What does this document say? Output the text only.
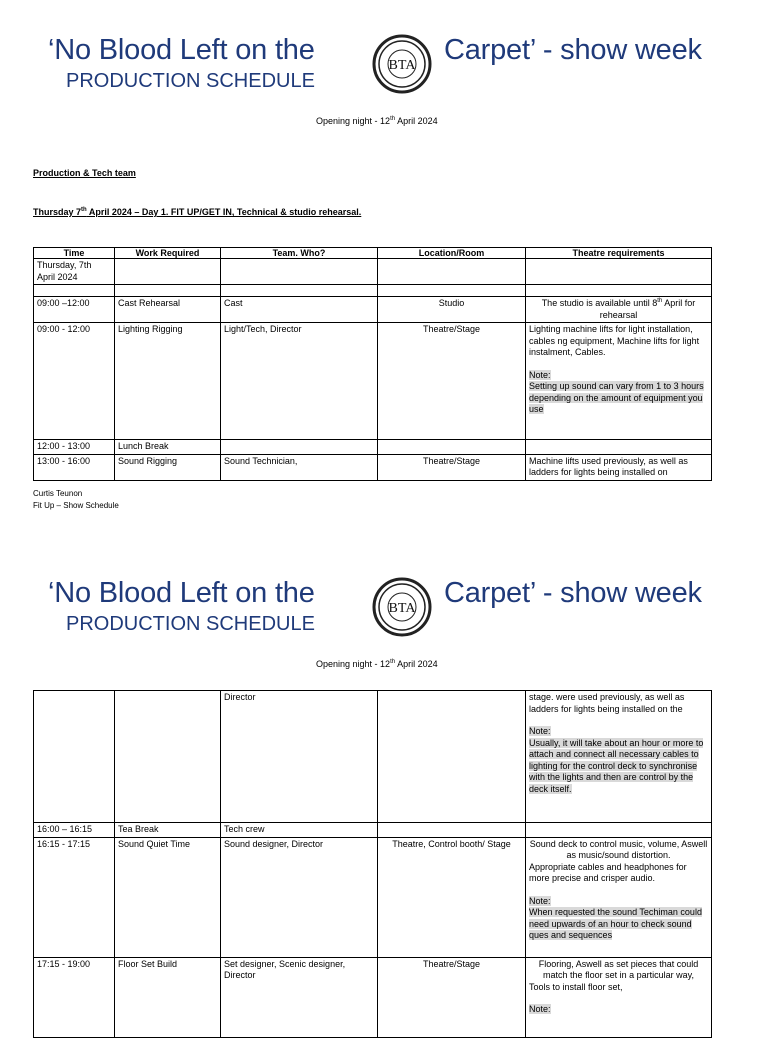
‘No Blood Left on the	Carpet’ - show week
PRODUCTION SCHEDULE
BTA
Opening night - 12th April 2024
Production & Tech team
Thursday 7th April 2024 – Day 1. FIT UP/GET IN, Technical & studio rehearsal.
Time	Work Required	Team. Who?	Location/Room	Theatre requirements
Thursday, 7th April 2024				

09:00 –12:00	Cast Rehearsal	Cast	Studio	The studio is available until 8th April for rehearsal
09:00 - 12:00	Lighting Rigging	Light/Tech, Director	Theatre/Stage	Lighting machine lifts for light installation, cables ng equipment, Machine lifts for light instalment, Cables.
Note:
Setting up sound can vary from 1 to 3 hours depending on the amount of equipment you use

12:00 - 13:00	Lunch Break			
13:00 - 16:00	Sound Rigging	Sound Technician,	Theatre/Stage	Machine lifts used previously, as well as ladders for lights being installed on
Curtis Teunon
Fit Up – Show Schedule
‘No Blood Left on the	Carpet’ - show week
PRODUCTION SCHEDULE
BTA
Opening night - 12th April 2024
		Director		stage. were used previously, as well as ladders for lights being installed on the
Note:
Usually, it will take about an hour or more to attach and connect all necessary cables to lighting for the control deck to synchronise with the lights and then are control by the deck itself.

16:00 – 16:15	Tea Break	Tech crew		
16:15 - 17:15	Sound Quiet Time	Sound designer, Director	Theatre, Control booth/ Stage	Sound deck to control music, volume, Aswell as music/sound distortion.
Appropriate cables and headphones for more precise and crisper audio.
Note:
When requested the sound Techiman could need upwards of an hour to check sound ques and sequences

17:15 - 19:00	Floor Set Build	Set designer, Scenic designer, Director	Theatre/Stage	Flooring, Aswell as set pieces that could match the floor set in a particular way,
Tools to install floor set,
Note:
